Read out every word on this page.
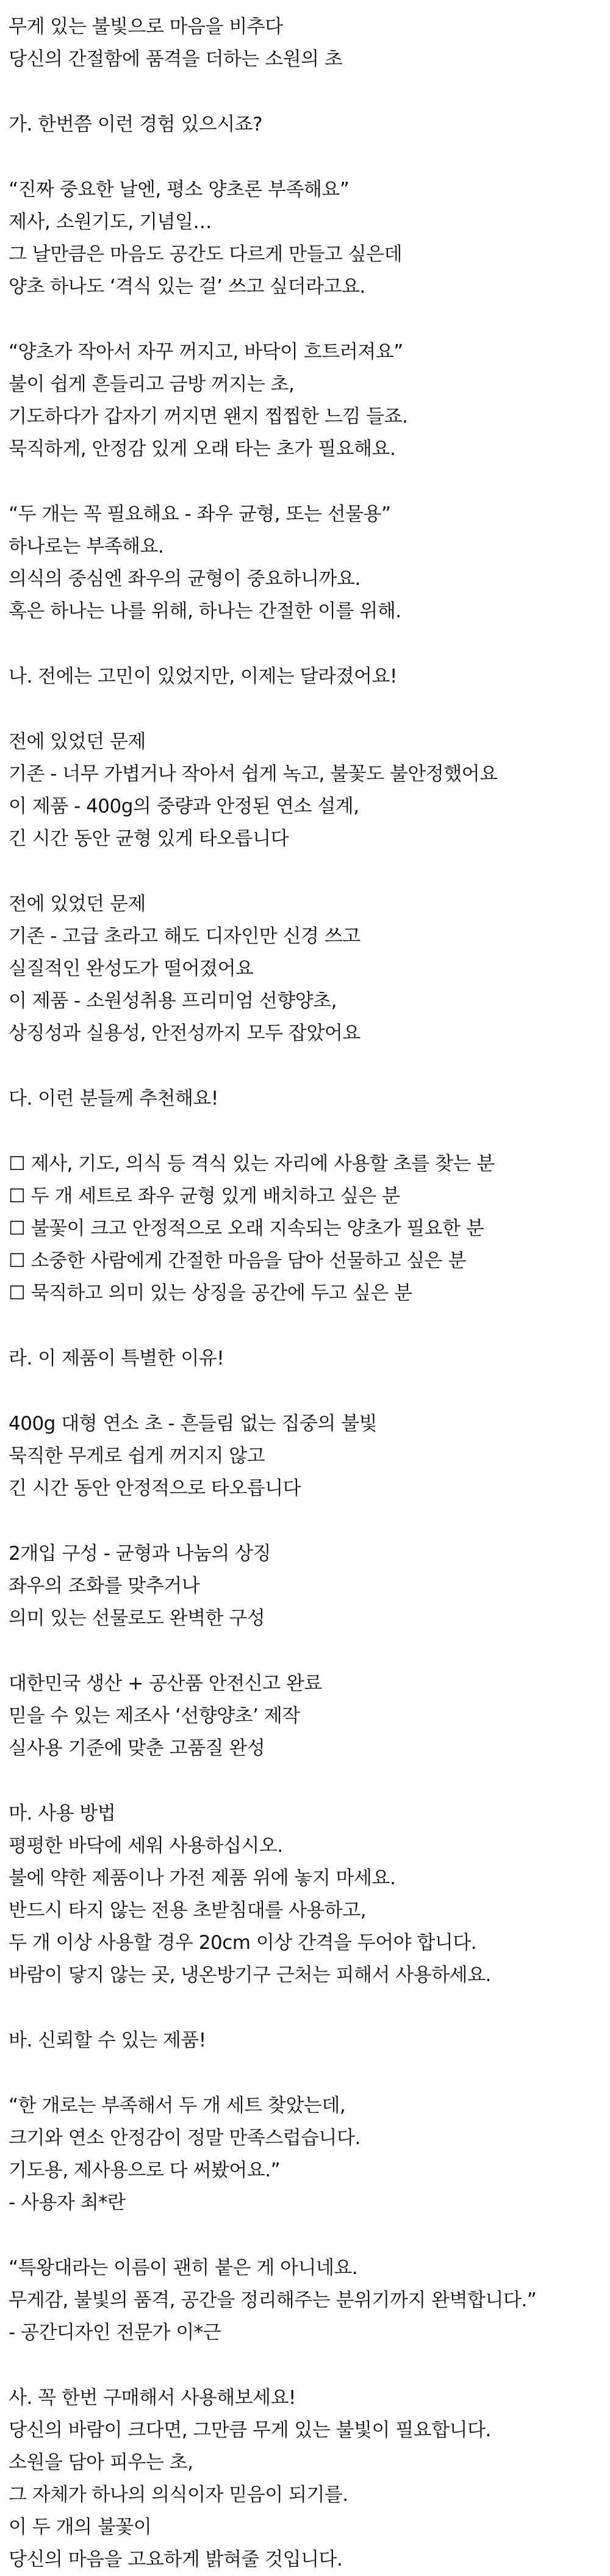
무게 있는 불빛으로 마음을 비추다
당신의 간절함에 품격을 더하는 소원의 초
가. 한번쯤 이런 경험 있으시죠?
“진짜 중요한 날엔, 평소 양초론 부족해요”
제사, 소원기도, 기념일…
그 날만큼은 마음도 공간도 다르게 만들고 싶은데
양초 하나도 ‘격식 있는 걸’ 쓰고 싶더라고요.
“양초가 작아서 자꾸 꺼지고, 바닥이 흐트러져요”
불이 쉽게 흔들리고 금방 꺼지는 초,
기도하다가 갑자기 꺼지면 왠지 찝찝한 느낌 들죠.
묵직하게, 안정감 있게 오래 타는 초가 필요해요.
“두 개는 꼭 필요해요 - 좌우 균형, 또는 선물용”
하나로는 부족해요.
의식의 중심엔 좌우의 균형이 중요하니까요.
혹은 하나는 나를 위해, 하나는 간절한 이를 위해.
나. 전에는 고민이 있었지만, 이제는 달라졌어요!
전에 있었던 문제
기존 - 너무 가볍거나 작아서 쉽게 녹고, 불꽃도 불안정했어요
이 제품 - 400g의 중량과 안정된 연소 설계,
긴 시간 동안 균형 있게 타오릅니다
전에 있었던 문제
기존 - 고급 초라고 해도 디자인만 신경 쓰고
실질적인 완성도가 떨어졌어요
이 제품 - 소원성취용 프리미엄 선향양초,
상징성과 실용성, 안전성까지 모두 잡았어요
다. 이런 분들께 추천해요!
☐ 제사, 기도, 의식 등 격식 있는 자리에 사용할 초를 찾는 분
☐ 두 개 세트로 좌우 균형 있게 배치하고 싶은 분
☐ 불꽃이 크고 안정적으로 오래 지속되는 양초가 필요한 분
☐ 소중한 사람에게 간절한 마음을 담아 선물하고 싶은 분
☐ 묵직하고 의미 있는 상징을 공간에 두고 싶은 분
라. 이 제품이 특별한 이유!
400g 대형 연소 초 - 흔들림 없는 집중의 불빛
묵직한 무게로 쉽게 꺼지지 않고
긴 시간 동안 안정적으로 타오릅니다
2개입 구성 - 균형과 나눔의 상징
좌우의 조화를 맞추거나
의미 있는 선물로도 완벽한 구성
대한민국 생산 + 공산품 안전신고 완료
믿을 수 있는 제조사 ‘선향양초’ 제작
실사용 기준에 맞춘 고품질 완성
마. 사용 방법
평평한 바닥에 세워 사용하십시오.
불에 약한 제품이나 가전 제품 위에 놓지 마세요.
반드시 타지 않는 전용 초받침대를 사용하고,
두 개 이상 사용할 경우 20cm 이상 간격을 두어야 합니다.
바람이 닿지 않는 곳, 냉온방기구 근처는 피해서 사용하세요.
바. 신뢰할 수 있는 제품!
“한 개로는 부족해서 두 개 세트 찾았는데,
크기와 연소 안정감이 정말 만족스럽습니다.
기도용, 제사용으로 다 써봤어요.”
- 사용자 최*란
“특왕대라는 이름이 괜히 붙은 게 아니네요.
무게감, 불빛의 품격, 공간을 정리해주는 분위기까지 완벽합니다.”
- 공간디자인 전문가 이*근
사. 꼭 한번 구매해서 사용해보세요!
당신의 바람이 크다면, 그만큼 무게 있는 불빛이 필요합니다.
소원을 담아 피우는 초,
그 자체가 하나의 의식이자 믿음이 되기를.
이 두 개의 불꽃이
당신의 마음을 고요하게 밝혀줄 것입니다.
